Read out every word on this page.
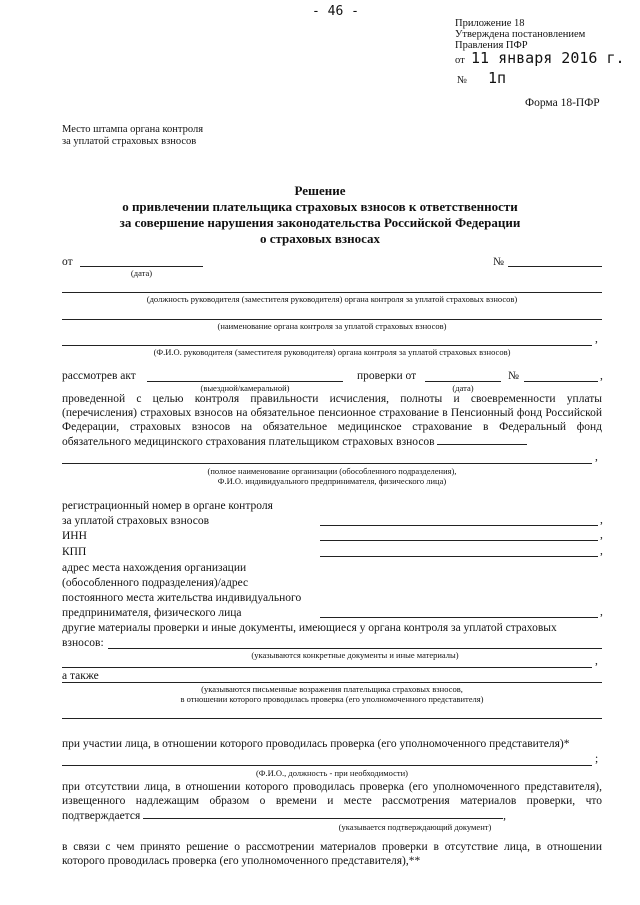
- 46 -
Приложение 18
Утверждена постановлением
Правления ПФР
от 11 января 2016 г.
№ 1п
Форма 18-ПФР
Место штампа органа контроля
за уплатой страховых взносов
Решение
о привлечении плательщика страховых взносов к ответственности
за совершение нарушения законодательства Российской Федерации
о страховых взносах
от
(дата)
№
(должность руководителя (заместителя руководителя) органа контроля за уплатой страховых взносов)
(наименование органа контроля за уплатой страховых взносов)
,
(Ф.И.О. руководителя (заместителя руководителя) органа контроля за уплатой страховых взносов)
рассмотрев акт
(выездной/камеральной)
проверки от
(дата)
№	,
проведенной с целью контроля правильности исчисления, полноты и своевременности уплаты (перечисления) страховых взносов на обязательное пенсионное страхование в Пенсионный фонд Российской Федерации, страховых взносов на обязательное медицинское страхование в Федеральный фонд обязательного медицинского страхования плательщиком страховых взносов
,
(полное наименование организации (обособленного подразделения),
Ф.И.О. индивидуального предпринимателя, физического лица)
регистрационный номер в органе контроля
за уплатой страховых взносов	,
ИНН	,
КПП	,
адрес места нахождения организации
(обособленного подразделения)/адрес
постоянного места жительства индивидуального
предпринимателя, физического лица	,
другие материалы проверки и иные документы, имеющиеся у органа контроля за уплатой страховых
взносов:
(указываются конкретные документы и иные материалы)	,
а также
(указываются письменные возражения плательщика страховых взносов,
в отношении которого проводилась проверка (его уполномоченного представителя)
при участии лица, в отношении которого проводилась проверка (его уполномоченного представителя)*
;
(Ф.И.О., должность - при необходимости)
при отсутствии лица, в отношении которого проводилась проверка (его уполномоченного представителя), извещенного надлежащим образом о времени и месте рассмотрения материалов проверки, что подтверждается	,
(указывается подтверждающий документ)
в связи с чем принято решение о рассмотрении материалов проверки в отсутствие лица, в отношении которого проводилась проверка (его уполномоченного представителя),**
